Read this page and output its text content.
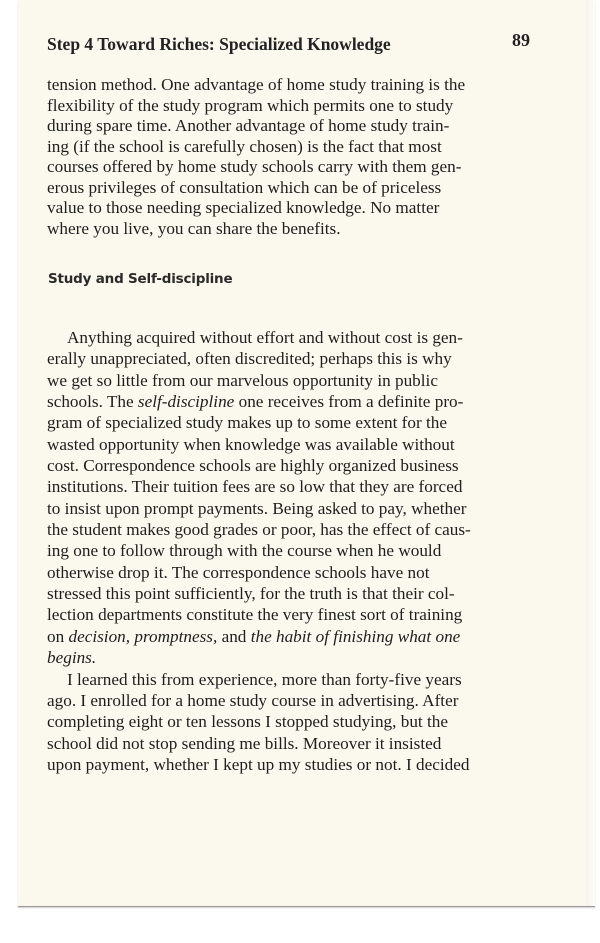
Step 4 Toward Riches: Specialized Knowledge	89
tension method. One advantage of home study training is the
flexibility of the study program which permits one to study
during spare time. Another advantage of home study train-
ing (if the school is carefully chosen) is the fact that most
courses offered by home study schools carry with them gen-
erous privileges of consultation which can be of priceless
value to those needing specialized knowledge. No matter
where you live, you can share the benefits.
Study and Self-discipline
Anything acquired without effort and without cost is gen-
erally unappreciated, often discredited; perhaps this is why
we get so little from our marvelous opportunity in public
schools. The self-discipline one receives from a definite pro-
gram of specialized study makes up to some extent for the
wasted opportunity when knowledge was available without
cost. Correspondence schools are highly organized business
institutions. Their tuition fees are so low that they are forced
to insist upon prompt payments. Being asked to pay, whether
the student makes good grades or poor, has the effect of caus-
ing one to follow through with the course when he would
otherwise drop it. The correspondence schools have not
stressed this point sufficiently, for the truth is that their col-
lection departments constitute the very finest sort of training
on decision, promptness, and the habit of finishing what one
begins.
I learned this from experience, more than forty-five years
ago. I enrolled for a home study course in advertising. After
completing eight or ten lessons I stopped studying, but the
school did not stop sending me bills. Moreover it insisted
upon payment, whether I kept up my studies or not. I decided
